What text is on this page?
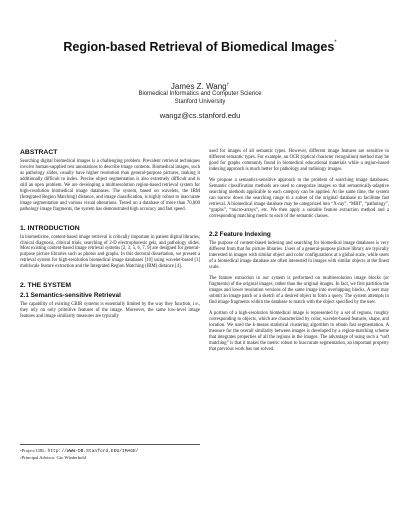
Region-based Retrieval of Biomedical Images*
James Z. Wang†
Biomedical Informatics and Computer Science
Stanford University
wangz@cs.stanford.edu
ABSTRACT

Searching digital biomedical images is a challenging problem. Prevalent retrieval techniques involve human-supplied text annotations to describe image contents. Biomedical images, such as pathology slides, usually have higher resolution than general-purpose pictures, making it additionally difficult to index. Precise object segmentation is also extremely difficult and is still an open problem. We are developing a multiresolution region-based retrieval system for high-resolution biomedical image databases. The system, based on wavelets, the IRM (Integrated Region Matching) distance, and image classification, is highly robust to inaccurate image segmentation and various visual alterations. Tested on a database of more than 70,000 pathology image fragments, the system has demonstrated high accuracy and fast speed.

1. INTRODUCTION

In biomedicine, content-based image retrieval is critically important in patient digital libraries, clinical diagnosis, clinical trials, searching of 2-D electrophoresis gels, and pathology slides. Most existing content-based image retrieval systems [2, 3, 5, 6, 7, 9] are designed for general-purpose picture libraries such as photos and graphs. In this doctoral dissertation, we present a retrieval system for high-resolution biomedical image databases [10] using wavelet-based [1] multiscale feature extraction and the Integrated Region Matching (IRM) distance [4].

2. THE SYSTEM
2.1 Semantics-sensitive Retrieval

The capability of existing CBIR systems is essentially limited by the way they function, i.e., they rely on only primitive features of the image. Moreover, the same low-level image features and image similarity measures are typically

*Project URL: http://WWW-DB.Stanford.EDU/IMAGE/
†Principal Advisor: Gio Wiederhold

used for images of all semantic types. However, different image features are sensitive to different semantic types. For example, an OCR (optical character recognition) method may be good for graphs commonly found in biomedical educational materials while a region-based indexing approach is much better for pathology and radiology images.

We propose a semantics-sensitive approach to the problem of searching image databases. Semantic classification methods are used to categorize images so that semantically-adaptive searching methods applicable to each category can be applied. At the same time, the system can narrow down the searching range to a subset of the original database to facilitate fast retrieval. A biomedical image database may be categorized into “X-ray”, “MRI”, “pathology”, “graphs”, “micro-arrays”, etc. We then apply a suitable feature extraction method and a corresponding matching metric to each of the semantic classes.

2.2 Feature Indexing

The purpose of content-based indexing and searching for biomedical image databases is very different from that for picture libraries. Users of a general-purpose picture library are typically interested in images with similar object and color configurations at a global scale, while users of a biomedical image database are often interested in images with similar objects at the finest scale.

The feature extraction in our system is performed on multiresolution image blocks (or fragments) of the original images, rather than the original images. In fact, we first partition the images and lower resolution versions of the same image into overlapping blocks. A user may submit an image patch or a sketch of a desired object to form a query. The system attempts to find image fragments within the database to match with the object specified by the user.

A portion of a high-resolution biomedical image is represented by a set of regions, roughly corresponding to objects, which are characterized by color, wavelet-based features, shape, and location. We used the k-means statistical clustering algorithm to obtain fast segmentation. A measure for the overall similarity between images is developed by a region-matching scheme that integrates properties of all the regions in the images. The advantage of using such a “soft matching” is that it makes the metric robust to inaccurate segmentation, an important property that previous work has not solved.
